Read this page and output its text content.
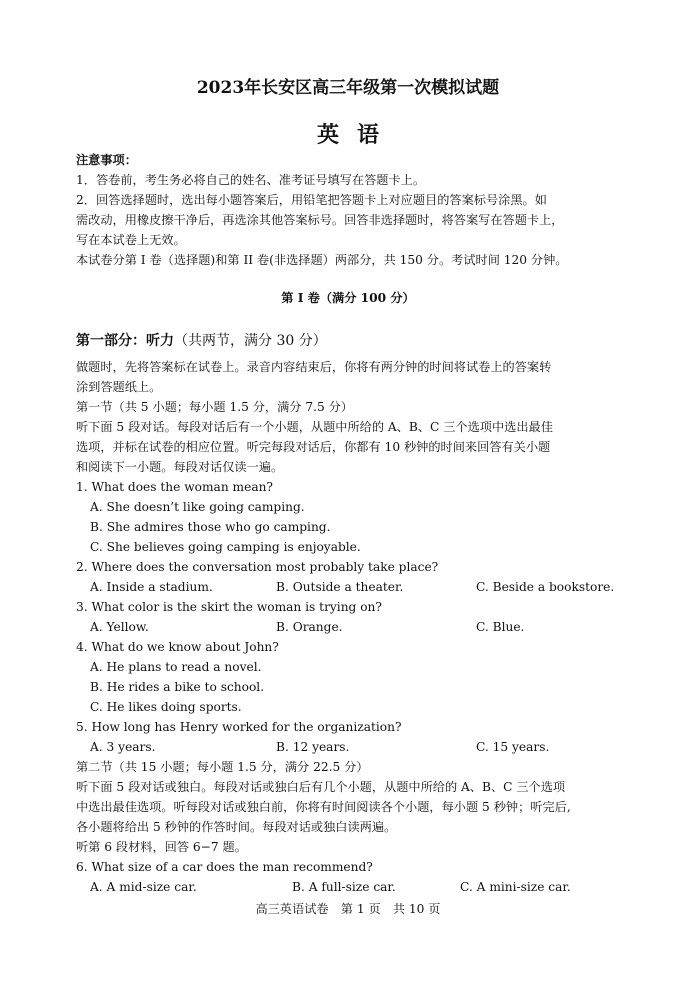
2023年长安区高三年级第一次模拟试题
英语
注意事项：
1．答卷前，考生务必将自己的姓名、准考证号填写在答题卡上。
2．回答选择题时，选出每小题答案后，用铅笔把答题卡上对应题目的答案标号涂黑。如
需改动，用橡皮擦干净后，再选涂其他答案标号。回答非选择题时，将答案写在答题卡上，
写在本试卷上无效。
本试卷分第 I 卷（选择题)和第 II 卷(非选择题）两部分，共 150 分。考试时间 120 分钟。
第 I 卷（满分 100 分）
第一部分：听力（共两节，满分 30 分）
做题时，先将答案标在试卷上。录音内容结束后，你将有两分钟的时间将试卷上的答案转
涂到答题纸上。
第一节（共 5 小题；每小题 1.5 分，满分 7.5 分）
听下面 5 段对话。每段对话后有一个小题，从题中所给的 A、B、C 三个选项中选出最佳
选项，并标在试卷的相应位置。听完每段对话后，你都有 10 秒钟的时间来回答有关小题
和阅读下一小题。每段对话仅读一遍。
1. What does the woman mean?
A. She doesn’t like going camping.
B. She admires those who go camping.
C. She believes going camping is enjoyable.
2. Where does the conversation most probably take place?
A. Inside a stadium.	B. Outside a theater.	C. Beside a bookstore.
3. What color is the skirt the woman is trying on?
A. Yellow.	B. Orange.	C. Blue.
4. What do we know about John?
A. He plans to read a novel.
B. He rides a bike to school.
C. He likes doing sports.
5. How long has Henry worked for the organization?
A. 3 years.	B. 12 years.	C. 15 years.
第二节（共 15 小题；每小题 1.5 分，满分 22.5 分）
听下面 5 段对话或独白。每段对话或独白后有几个小题，从题中所给的 A、B、C 三个选项
中选出最佳选项。听每段对话或独白前，你将有时间阅读各个小题，每小题 5 秒钟；听完后,
各小题将给出 5 秒钟的作答时间。每段对话或独白读两遍。
听第 6 段材料，回答 6−7 题。
6. What size of a car does the man recommend?
A. A mid-size car.	B. A full-size car.	C. A mini-size car.
高三英语试卷　第 1 页　共 10 页
